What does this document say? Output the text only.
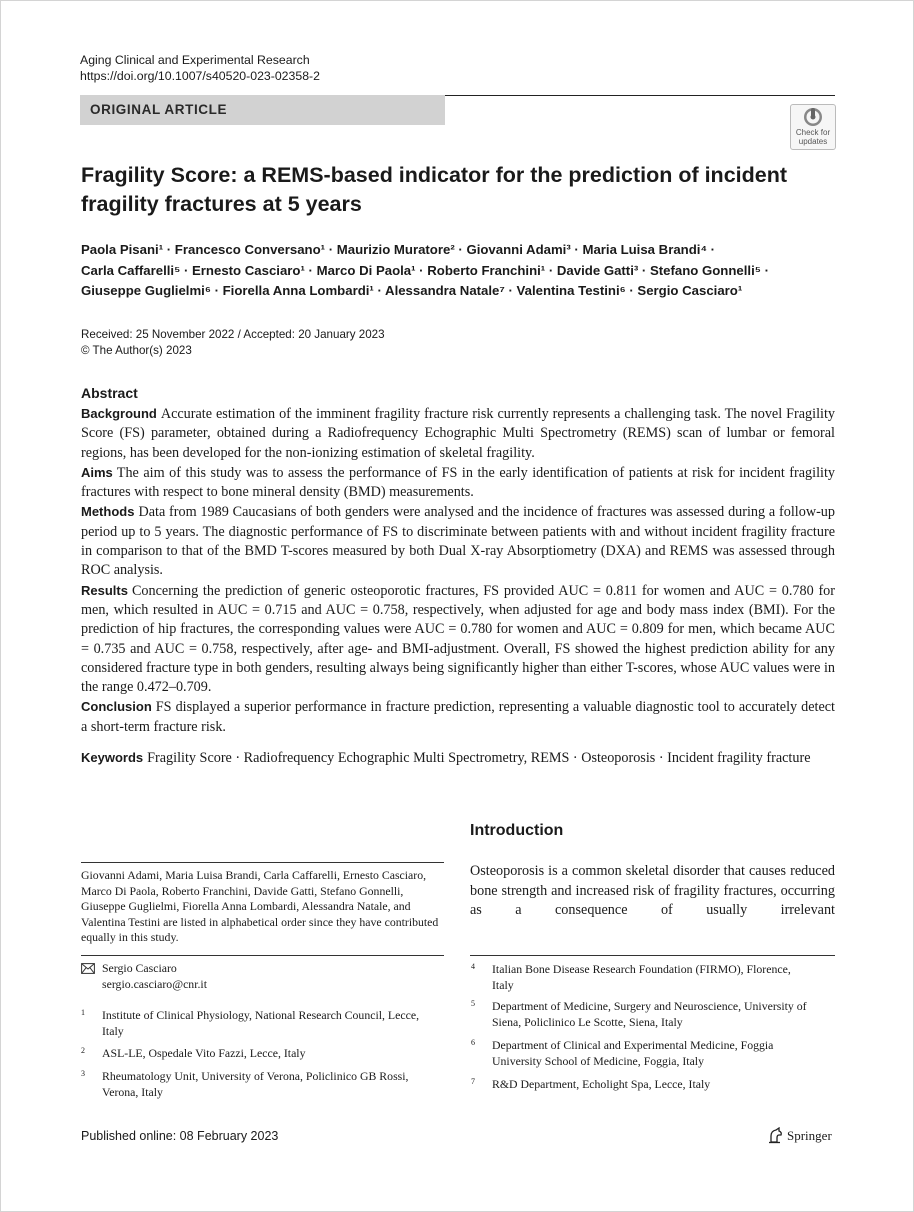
Aging Clinical and Experimental Research
https://doi.org/10.1007/s40520-023-02358-2
ORIGINAL ARTICLE
Check for
updates
Fragility Score: a REMS-based indicator for the prediction of incident
fragility fractures at 5 years
Paola Pisani¹ · Francesco Conversano¹ · Maurizio Muratore² · Giovanni Adami³ · Maria Luisa Brandi⁴ ·
Carla Caffarelli⁵ · Ernesto Casciaro¹ · Marco Di Paola¹ · Roberto Franchini¹ · Davide Gatti³ · Stefano Gonnelli⁵ ·
Giuseppe Guglielmi⁶ · Fiorella Anna Lombardi¹ · Alessandra Natale⁷ · Valentina Testini⁶ · Sergio Casciaro¹
Received: 25 November 2022 / Accepted: 20 January 2023
© The Author(s) 2023
Abstract

Background Accurate estimation of the imminent fragility fracture risk currently represents a challenging task. The novel Fragility Score (FS) parameter, obtained during a Radiofrequency Echographic Multi Spectrometry (REMS) scan of lumbar or femoral regions, has been developed for the non-ionizing estimation of skeletal fragility.

Aims The aim of this study was to assess the performance of FS in the early identification of patients at risk for incident fragility fractures with respect to bone mineral density (BMD) measurements.

Methods Data from 1989 Caucasians of both genders were analysed and the incidence of fractures was assessed during a follow-up period up to 5 years. The diagnostic performance of FS to discriminate between patients with and without incident fragility fracture in comparison to that of the BMD T-scores measured by both Dual X-ray Absorptiometry (DXA) and REMS was assessed through ROC analysis.

Results Concerning the prediction of generic osteoporotic fractures, FS provided AUC = 0.811 for women and AUC = 0.780 for men, which resulted in AUC = 0.715 and AUC = 0.758, respectively, when adjusted for age and body mass index (BMI). For the prediction of hip fractures, the corresponding values were AUC = 0.780 for women and AUC = 0.809 for men, which became AUC = 0.735 and AUC = 0.758, respectively, after age- and BMI-adjustment. Overall, FS showed the highest prediction ability for any considered fracture type in both genders, resulting always being significantly higher than either T-scores, whose AUC values were in the range 0.472–0.709.

Conclusion FS displayed a superior performance in fracture prediction, representing a valuable diagnostic tool to accurately detect a short-term fracture risk.

Keywords Fragility Score · Radiofrequency Echographic Multi Spectrometry, REMS · Osteoporosis · Incident fragility fracture
Introduction
Osteoporosis is a common skeletal disorder that causes reduced bone strength and increased risk of fragility fractures, occurring as a consequence of usually irrelevant
Giovanni Adami, Maria Luisa Brandi, Carla Caffarelli, Ernesto Casciaro, Marco Di Paola, Roberto Franchini, Davide Gatti, Stefano Gonnelli, Giuseppe Guglielmi, Fiorella Anna Lombardi, Alessandra Natale, and Valentina Testini are listed in alphabetical order since they have contributed equally in this study.
Sergio Casciaro
sergio.casciaro@cnr.it
1 Institute of Clinical Physiology, National Research Council, Lecce, Italy
2 ASL-LE, Ospedale Vito Fazzi, Lecce, Italy
3 Rheumatology Unit, University of Verona, Policlinico GB Rossi, Verona, Italy
4 Italian Bone Disease Research Foundation (FIRMO), Florence, Italy
5 Department of Medicine, Surgery and Neuroscience, University of Siena, Policlinico Le Scotte, Siena, Italy
6 Department of Clinical and Experimental Medicine, Foggia University School of Medicine, Foggia, Italy
7 R&D Department, Echolight Spa, Lecce, Italy
Published online: 08 February 2023	Springer
